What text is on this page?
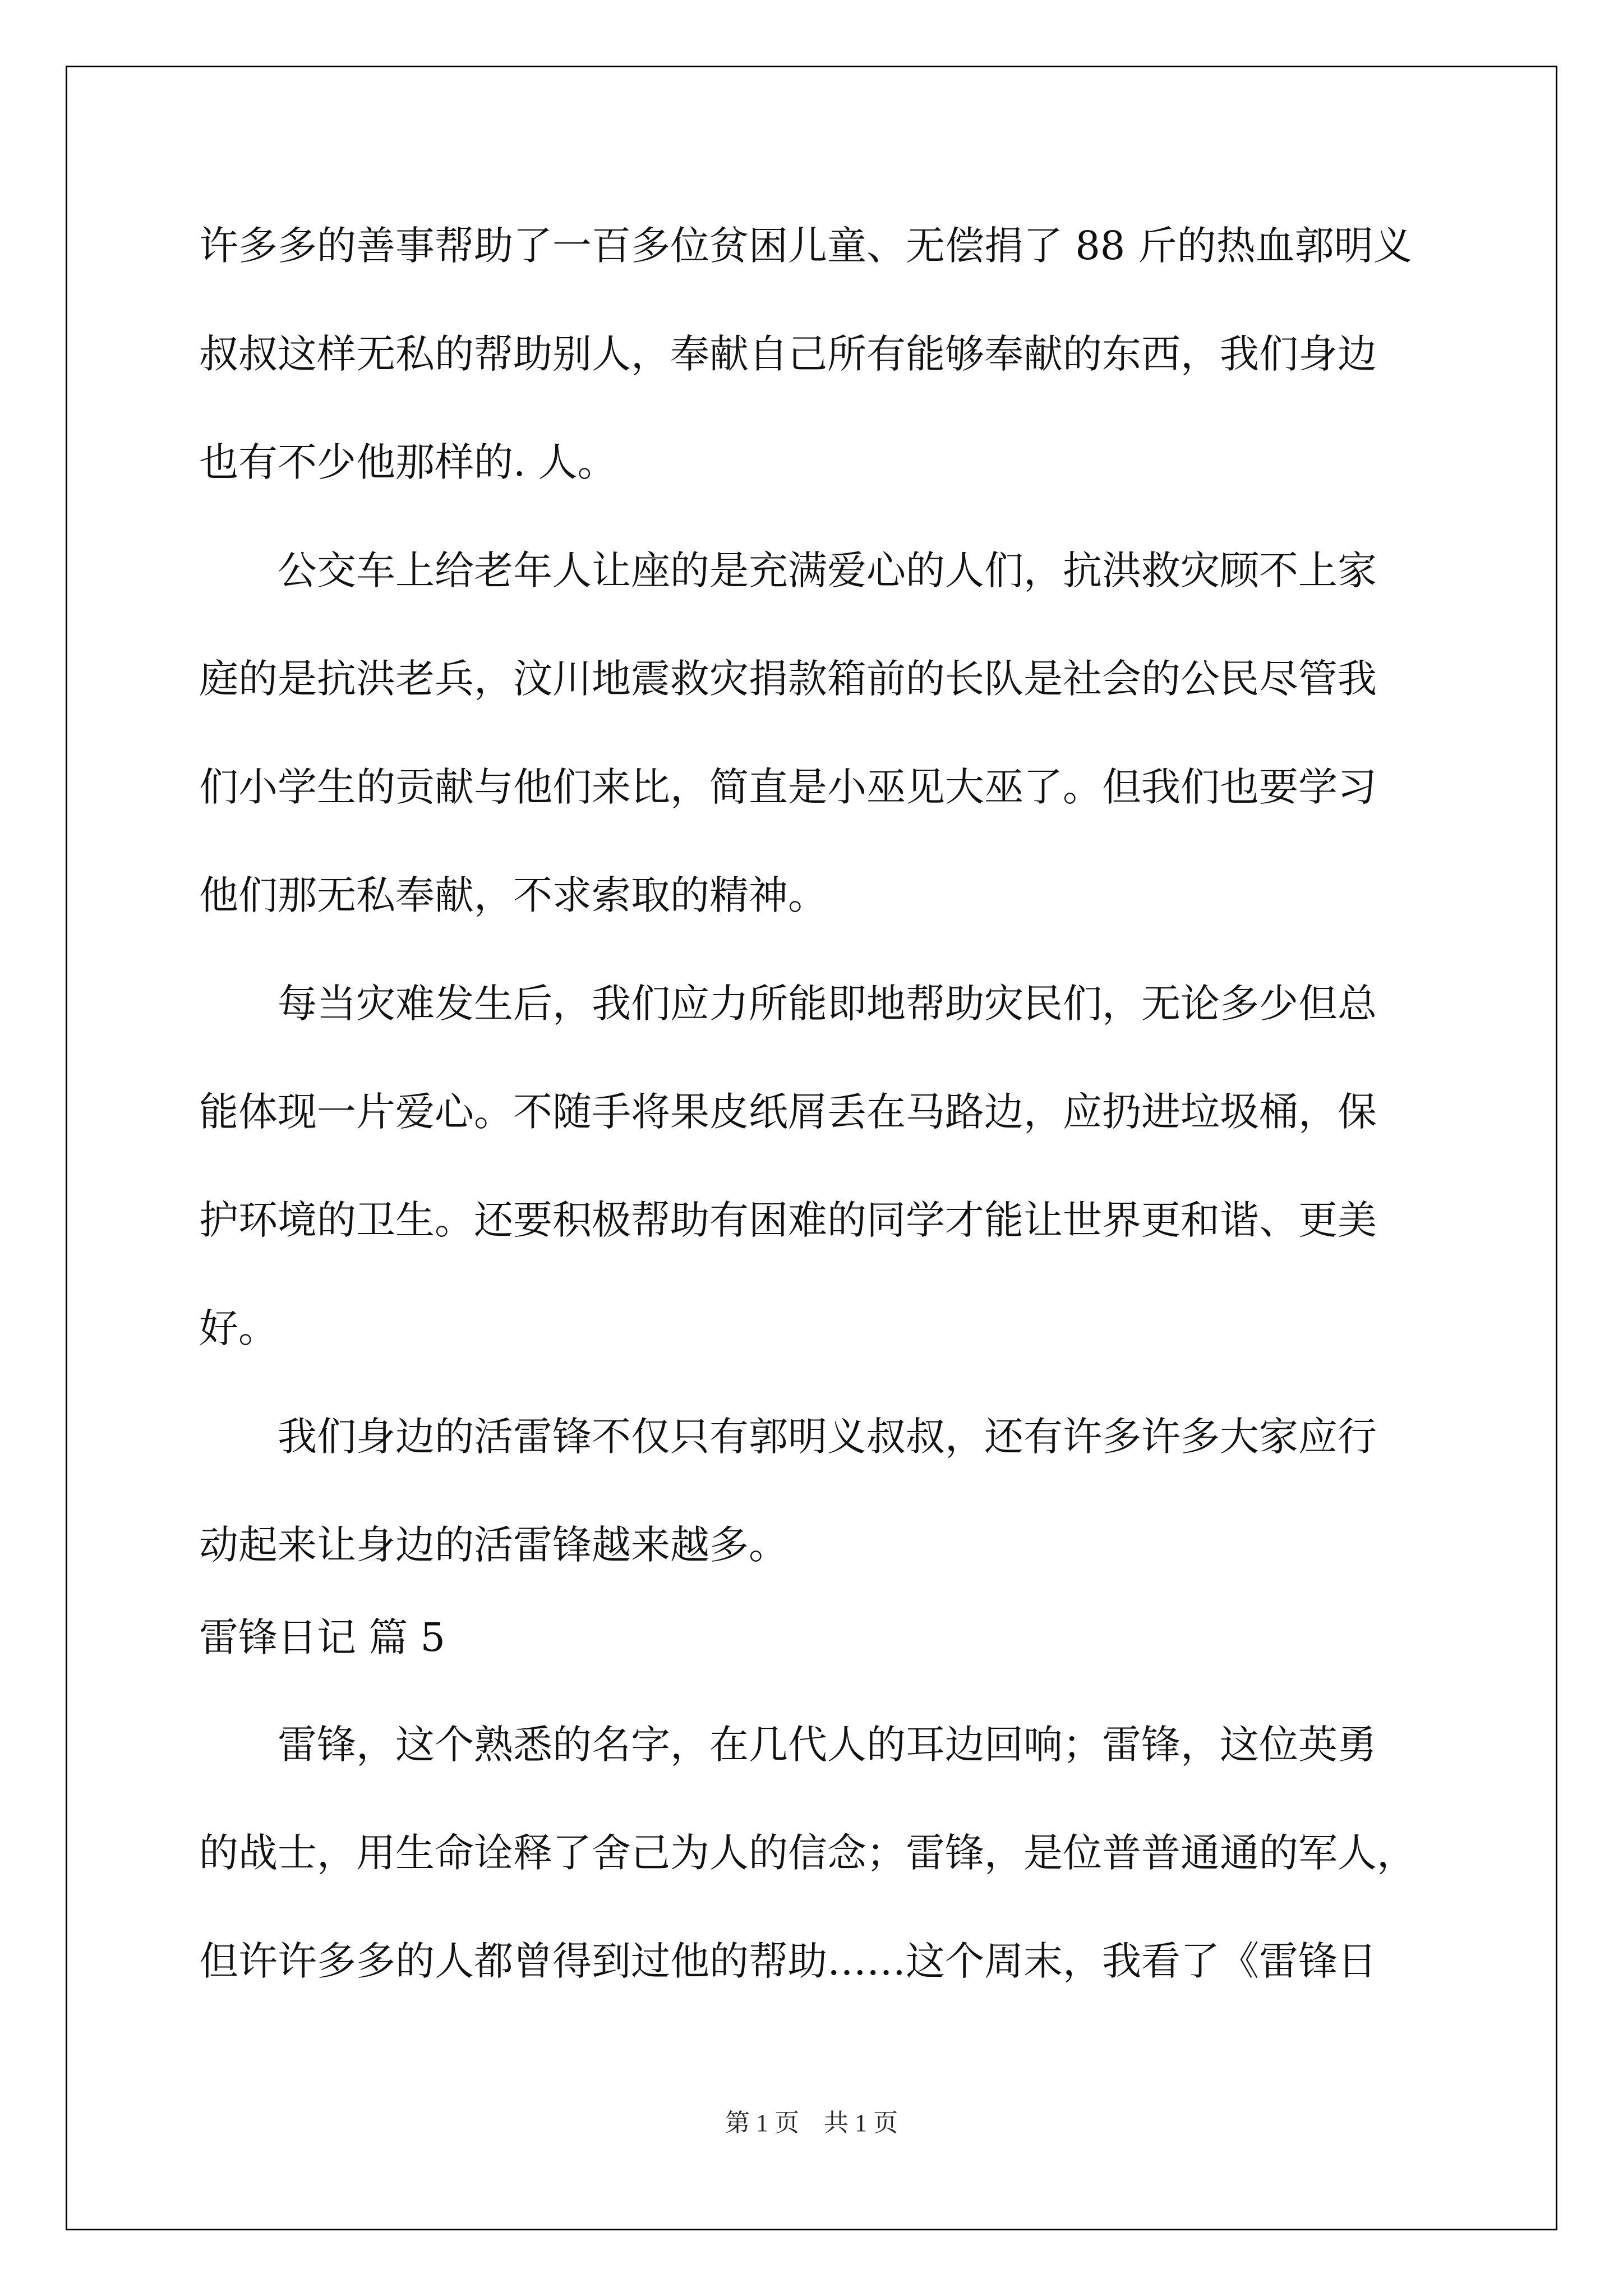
许多多的善事帮助了一百多位贫困儿童、无偿捐了 88 斤的热血郭明义
叔叔这样无私的帮助别人，奉献自己所有能够奉献的东西，我们身边
也有不少他那样的. 人。
　　公交车上给老年人让座的是充满爱心的人们，抗洪救灾顾不上家
庭的是抗洪老兵，汶川地震救灾捐款箱前的长队是社会的公民尽管我
们小学生的贡献与他们来比，简直是小巫见大巫了。但我们也要学习
他们那无私奉献，不求索取的精神。
　　每当灾难发生后，我们应力所能即地帮助灾民们，无论多少但总
能体现一片爱心。不随手将果皮纸屑丢在马路边，应扔进垃圾桶，保
护环境的卫生。还要积极帮助有困难的同学才能让世界更和谐、更美
好。
　　我们身边的活雷锋不仅只有郭明义叔叔，还有许多许多大家应行
动起来让身边的活雷锋越来越多。
雷锋日记 篇 5
　　雷锋，这个熟悉的名字，在几代人的耳边回响；雷锋，这位英勇
的战士，用生命诠释了舍己为人的信念；雷锋，是位普普通通的军人，
但许许多多的人都曾得到过他的帮助……这个周末，我看了《雷锋日
第 1 页　共 1 页
